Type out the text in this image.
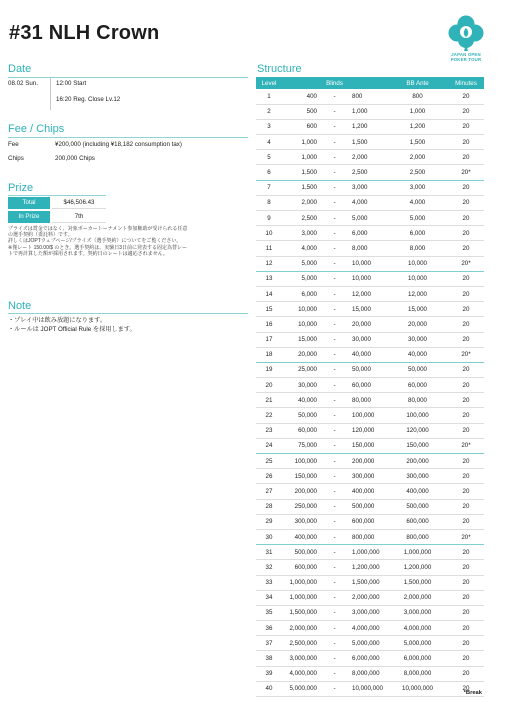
#31 NLH Crown
JAPAN OPEN
POKER TOUR
Date
08.02 Sun.	12:00 Start
16:20 Reg. Close Lv.12
Fee / Chips
Fee	¥200,000 (including ¥18,182 consumption tax)
Chips	200,000 Chips
Prize
Total	$46,506.43
In Prize	7th
プライズは賞金ではなく、対象ポーカートーナメント参加権助が受けられる任意
の選手契約（委託料）です。
詳しくはJOPTウェブページ/プライズ（選手契約）についてをご覧ください。
※僅レート 150.00/$ のとき。選手契約は、実験日3日前に発表する固定為替レー
トで再計算した額が採用されます。契約日のレートは適応されません。
Note
・プレイ中は飲み放題になります。
・ルールは JOPT Official Rule を採用します。
Structure
Level	Blinds			BB Ante	Minutes
1	400	-	800	800	20
2	500	-	1,000	1,000	20
3	600	-	1,200	1,200	20
4	1,000	-	1,500	1,500	20
5	1,000	-	2,000	2,000	20
6	1,500	-	2,500	2,500	20*
7	1,500	-	3,000	3,000	20
8	2,000	-	4,000	4,000	20
9	2,500	-	5,000	5,000	20
10	3,000	-	6,000	6,000	20
11	4,000	-	8,000	8,000	20
12	5,000	-	10,000	10,000	20*
13	5,000	-	10,000	10,000	20
14	6,000	-	12,000	12,000	20
15	10,000	-	15,000	15,000	20
16	10,000	-	20,000	20,000	20
17	15,000	-	30,000	30,000	20
18	20,000	-	40,000	40,000	20*
19	25,000	-	50,000	50,000	20
20	30,000	-	60,000	60,000	20
21	40,000	-	80,000	80,000	20
22	50,000	-	100,000	100,000	20
23	60,000	-	120,000	120,000	20
24	75,000	-	150,000	150,000	20*
25	100,000	-	200,000	200,000	20
26	150,000	-	300,000	300,000	20
27	200,000	-	400,000	400,000	20
28	250,000	-	500,000	500,000	20
29	300,000	-	600,000	600,000	20
30	400,000	-	800,000	800,000	20*
31	500,000	-	1,000,000	1,000,000	20
32	600,000	-	1,200,000	1,200,000	20
33	1,000,000	-	1,500,000	1,500,000	20
34	1,000,000	-	2,000,000	2,000,000	20
35	1,500,000	-	3,000,000	3,000,000	20
36	2,000,000	-	4,000,000	4,000,000	20
37	2,500,000	-	5,000,000	5,000,000	20
38	3,000,000	-	6,000,000	6,000,000	20
39	4,000,000	-	8,000,000	8,000,000	20
40	5,000,000	-	10,000,000	10,000,000	20
*Break
